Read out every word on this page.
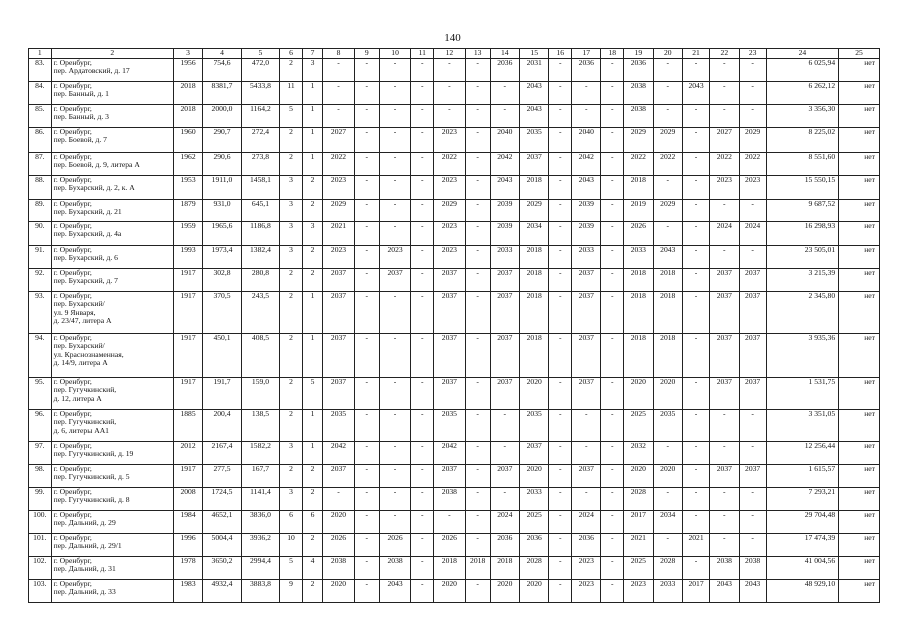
140
1	2	3	4	5	6	7	8	9	10	11	12	13	14	15	16	17	18	19	20	21	22	23	24	25
83.	г. Оренбург,
пер. Ардатовский, д. 17	1956	754,6	472,0	2	3	-	-	-	-	-	-	2036	2031	-	2036	-	2036	-	-	-	-	6 025,94	нет
84.	г. Оренбург,
пер. Банный, д. 1	2018	8381,7	5433,8	11	1	-	-	-	-	-	-	-	2043	-	-	-	2038	-	2043	-	-	6 262,12	нет
85.	г. Оренбург,
пер. Банный, д. 3	2018	2000,0	1164,2	5	1	-	-	-	-	-	-	-	2043	-	-	-	2038	-	-	-	-	3 356,30	нет
86.	г. Оренбург,
пер. Боевой, д. 7	1960	290,7	272,4	2	1	2027	-	-	-	2023	-	2040	2035	-	2040	-	2029	2029	-	2027	2029	8 225,02	нет
87.	г. Оренбург,
пер. Боевой, д. 9, литера А	1962	290,6	273,8	2	1	2022	-	-	-	2022	-	2042	2037	-	2042	-	2022	2022	-	2022	2022	8 551,60	нет
88.	г. Оренбург,
пер. Бухарский, д. 2, к. А	1953	1911,0	1458,1	3	2	2023	-	-	-	2023	-	2043	2018	-	2043	-	2018	-	-	2023	2023	15 550,15	нет
89.	г. Оренбург,
пер. Бухарский, д. 21	1879	931,0	645,1	3	2	2029	-	-	-	2029	-	2039	2029	-	2039	-	2019	2029	-	-	-	9 687,52	нет
90.	г. Оренбург,
пер. Бухарский, д. 4а	1959	1965,6	1186,8	3	3	2021	-	-	-	2023	-	2039	2034	-	2039	-	2026	-	-	2024	2024	16 298,93	нет
91.	г. Оренбург,
пер. Бухарский, д. 6	1993	1973,4	1382,4	3	2	2023	-	2023	-	2023	-	2033	2018	-	2033	-	2033	2043	-	-	-	23 505,01	нет
92.	г. Оренбург,
пер. Бухарский, д. 7	1917	302,8	280,8	2	2	2037	-	2037	-	2037	-	2037	2018	-	2037	-	2018	2018	-	2037	2037	3 215,39	нет
93.	г. Оренбург,
пер. Бухарский/
ул. 9 Января,
д. 23/47, литера А	1917	370,5	243,5	2	1	2037	-	-	-	2037	-	2037	2018	-	2037	-	2018	2018	-	2037	2037	2 345,80	нет
94.	г. Оренбург,
пер. Бухарский/
ул. Краснознаменная,
д. 14/9, литера А	1917	450,1	408,5	2	1	2037	-	-	-	2037	-	2037	2018	-	2037	-	2018	2018	-	2037	2037	3 935,36	нет
95.	г. Оренбург,
пер. Гугучкинский,
д. 12, литера А	1917	191,7	159,0	2	5	2037	-	-	-	2037	-	2037	2020	-	2037	-	2020	2020	-	2037	2037	1 531,75	нет
96.	г. Оренбург,
пер. Гугучкинский,
д. 6, литеры АА1	1885	200,4	138,5	2	1	2035	-	-	-	2035	-	-	2035	-	-	-	2025	2035	-	-	-	3 351,05	нет
97.	г. Оренбург,
пер. Гугучкинский, д. 19	2012	2167,4	1582,2	3	1	2042	-	-	-	2042	-	-	2037	-	-	-	2032	-	-	-	-	12 256,44	нет
98.	г. Оренбург,
пер. Гугучкинский, д. 5	1917	277,5	167,7	2	2	2037	-	-	-	2037	-	2037	2020	-	2037	-	2020	2020	-	2037	2037	1 615,57	нет
99.	г. Оренбург,
пер. Гугучкинский, д. 8	2008	1724,5	1141,4	3	2	-	-	-	-	2038	-	-	2033	-	-	-	2028	-	-	-	-	7 293,21	нет
100.	г. Оренбург,
пер. Дальний, д. 29	1984	4652,1	3836,0	6	6	2020	-	-	-	-	-	2024	2025	-	2024	-	2017	2034	-	-	-	29 704,48	нет
101.	г. Оренбург,
пер. Дальний, д. 29/1	1996	5004,4	3936,2	10	2	2026	-	2026	-	2026	-	2036	2036	-	2036	-	2021	-	2021	-	-	17 474,39	нет
102.	г. Оренбург,
пер. Дальний, д. 31	1978	3650,2	2994,4	5	4	2038	-	2038	-	2018	2018	2018	2028	-	2023	-	2025	2028	-	2038	2038	41 004,56	нет
103.	г. Оренбург,
пер. Дальний, д. 33	1983	4932,4	3883,8	9	2	2020	-	2043	-	2020	-	2020	2020	-	2023	-	2023	2033	2017	2043	2043	48 929,10	нет
